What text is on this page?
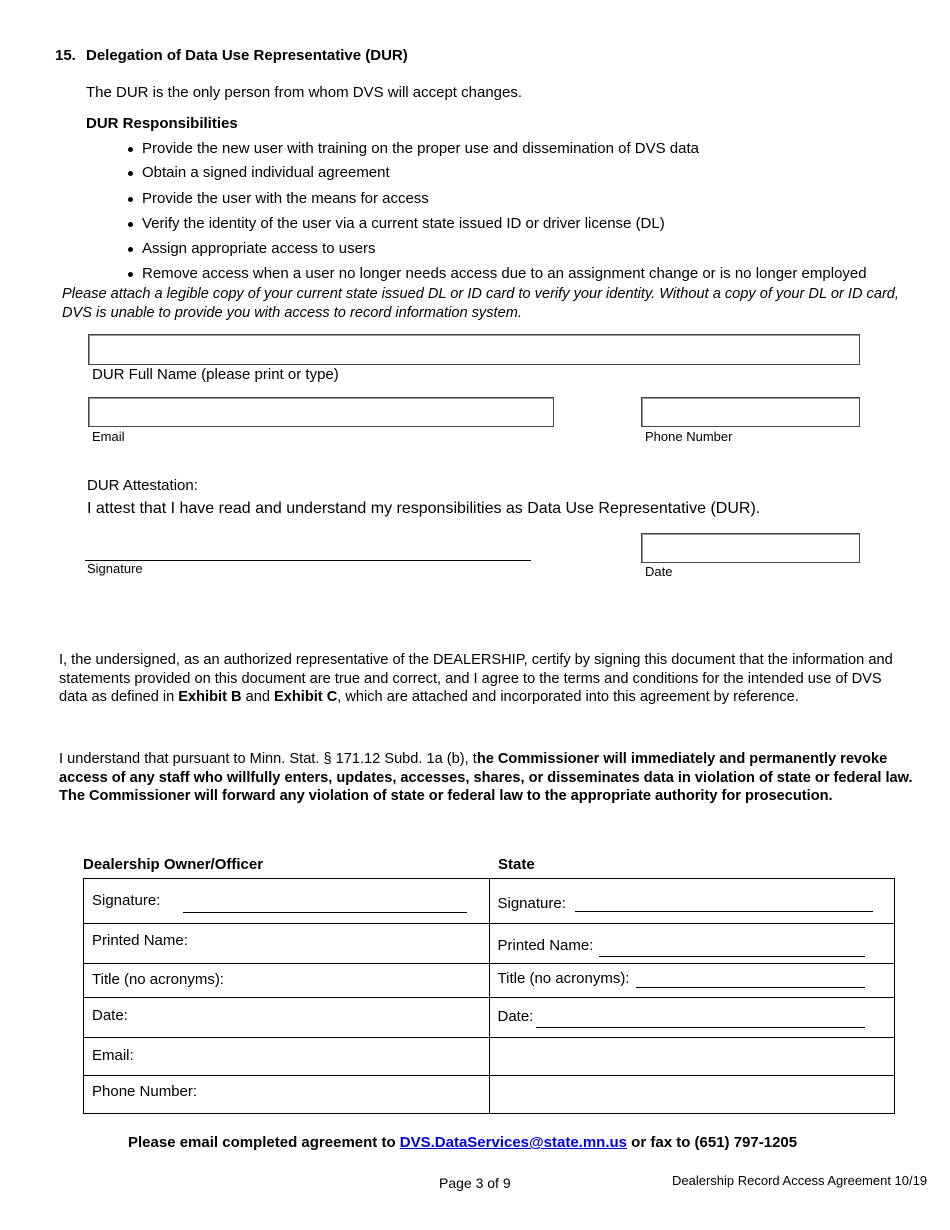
15. Delegation of Data Use Representative (DUR)
The DUR is the only person from whom DVS will accept changes.
DUR Responsibilities
Provide the new user with training on the proper use and dissemination of DVS data
Obtain a signed individual agreement
Provide the user with the means for access
Verify the identity of the user via a current state issued ID or driver license (DL)
Assign appropriate access to users
Remove access when a user no longer needs access due to an assignment change or is no longer employed
Please attach a legible copy of your current state issued DL or ID card to verify your identity. Without a copy of your DL or ID card, DVS is unable to provide you with access to record information system.
DUR Full Name (please print or type)
Email	Phone Number
DUR Attestation:
I attest that I have read and understand my responsibilities as Data Use Representative (DUR).
Signature	Date
I, the undersigned, as an authorized representative of the DEALERSHIP, certify by signing this document that the information and statements provided on this document are true and correct, and I agree to the terms and conditions for the intended use of DVS data as defined in Exhibit B and Exhibit C, which are attached and incorporated into this agreement by reference.
I understand that pursuant to Minn. Stat. § 171.12 Subd. 1a (b), the Commissioner will immediately and permanently revoke access of any staff who willfully enters, updates, accesses, shares, or disseminates data in violation of state or federal law. The Commissioner will forward any violation of state or federal law to the appropriate authority for prosecution.
Dealership Owner/Officer	State
Signature:	Signature:

Printed Name:	Printed Name:

Title (no acronyms):	Title (no acronyms):

Date:	Date:

Email:	

Phone Number:	

Please email completed agreement to DVS.DataServices@state.mn.us or fax to (651) 797-1205
Page 3 of 9	Dealership Record Access Agreement 10/19
